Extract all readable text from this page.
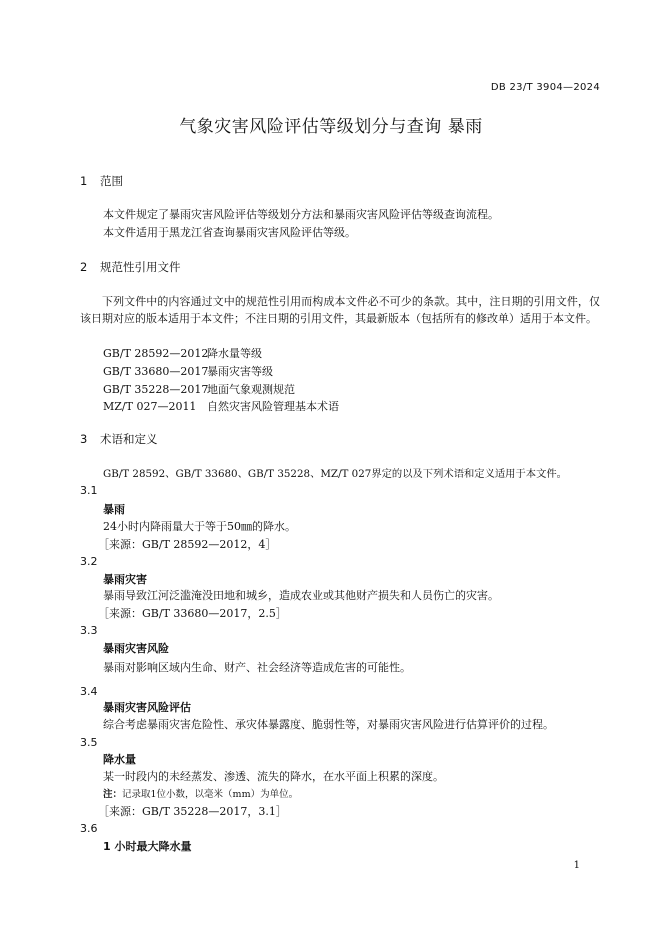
DB 23/T 3904—2024
气象灾害风险评估等级划分与查询 暴雨
1 范围
本文件规定了暴雨灾害风险评估等级划分方法和暴雨灾害风险评估等级查询流程。
本文件适用于黑龙江省查询暴雨灾害风险评估等级。
2 规范性引用文件
下列文件中的内容通过文中的规范性引用而构成本文件必不可少的条款。其中，注日期的引用文件，仅该日期对应的版本适用于本文件；不注日期的引用文件，其最新版本（包括所有的修改单）适用于本文件。
GB/T 28592—2012降水量等级
GB/T 33680—2017暴雨灾害等级
GB/T 35228—2017地面气象观测规范
MZ/T 027—2011 自然灾害风险管理基本术语
3 术语和定义
GB/T 28592、GB/T 33680、GB/T 35228、MZ/T 027界定的以及下列术语和定义适用于本文件。
3.1
暴雨
24小时内降雨量大于等于50㎜的降水。
［来源：GB/T 28592—2012，4］
3.2
暴雨灾害
暴雨导致江河泛滥淹没田地和城乡，造成农业或其他财产损失和人员伤亡的灾害。
［来源：GB/T 33680—2017，2.5］
3.3
暴雨灾害风险
暴雨对影响区域内生命、财产、社会经济等造成危害的可能性。
3.4
暴雨灾害风险评估
综合考虑暴雨灾害危险性、承灾体暴露度、脆弱性等，对暴雨灾害风险进行估算评价的过程。
3.5
降水量
某一时段内的未经蒸发、渗透、流失的降水，在水平面上积累的深度。
注：记录取1位小数，以毫米（mm）为单位。
［来源：GB/T 35228—2017，3.1］
3.6
1 小时最大降水量
1
